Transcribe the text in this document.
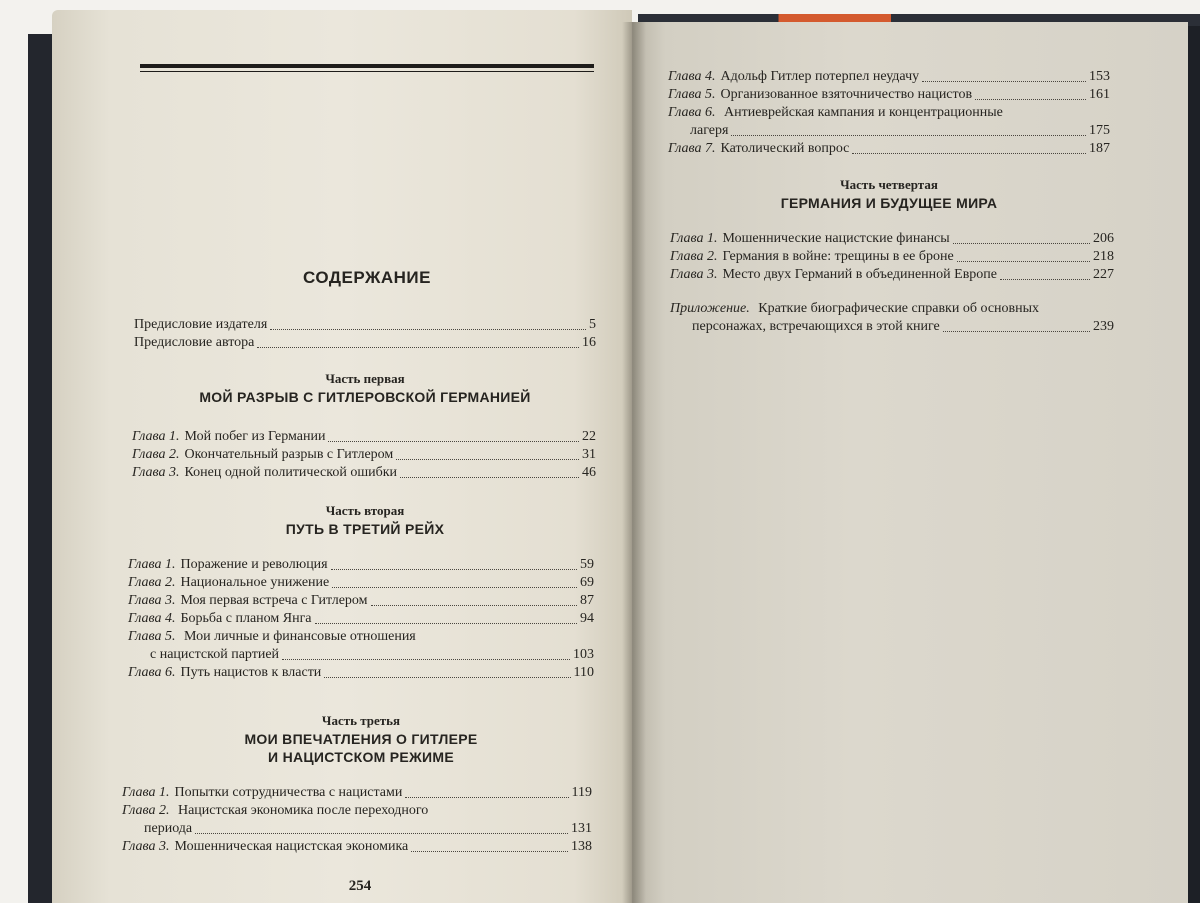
СОДЕРЖАНИЕ
Предисловие издателя	5
Предисловие автора	16
Часть первая
МОЙ РАЗРЫВ С ГИТЛЕРОВСКОЙ ГЕРМАНИЕЙ
Глава 1. Мой побег из Германии	22
Глава 2. Окончательный разрыв с Гитлером	31
Глава 3. Конец одной политической ошибки	46
Часть вторая
ПУТЬ В ТРЕТИЙ РЕЙХ
Глава 1. Поражение и революция	59
Глава 2. Национальное унижение	69
Глава 3. Моя первая встреча с Гитлером	87
Глава 4. Борьба с планом Янга	94
Глава 5. Мои личные и финансовые отношения
с нацистской партией	103
Глава 6. Путь нацистов к власти	110
Часть третья
МОИ ВПЕЧАТЛЕНИЯ О ГИТЛЕРЕ
И НАЦИСТСКОМ РЕЖИМЕ
Глава 1. Попытки сотрудничества с нацистами	119
Глава 2. Нацистская экономика после переходного
периода	131
Глава 3. Мошенническая нацистская экономика	138
254
Глава 4. Адольф Гитлер потерпел неудачу	153
Глава 5. Организованное взяточничество нацистов	161
Глава 6. Антиеврейская кампания и концентрационные
лагеря	175
Глава 7. Католический вопрос	187
Часть четвертая
ГЕРМАНИЯ И БУДУЩЕЕ МИРА
Глава 1. Мошеннические нацистские финансы	206
Глава 2. Германия в войне: трещины в ее броне	218
Глава 3. Место двух Германий в объединенной Европе	227
Приложение. Краткие биографические справки об основных
персонажах, встречающихся в этой книге	239
